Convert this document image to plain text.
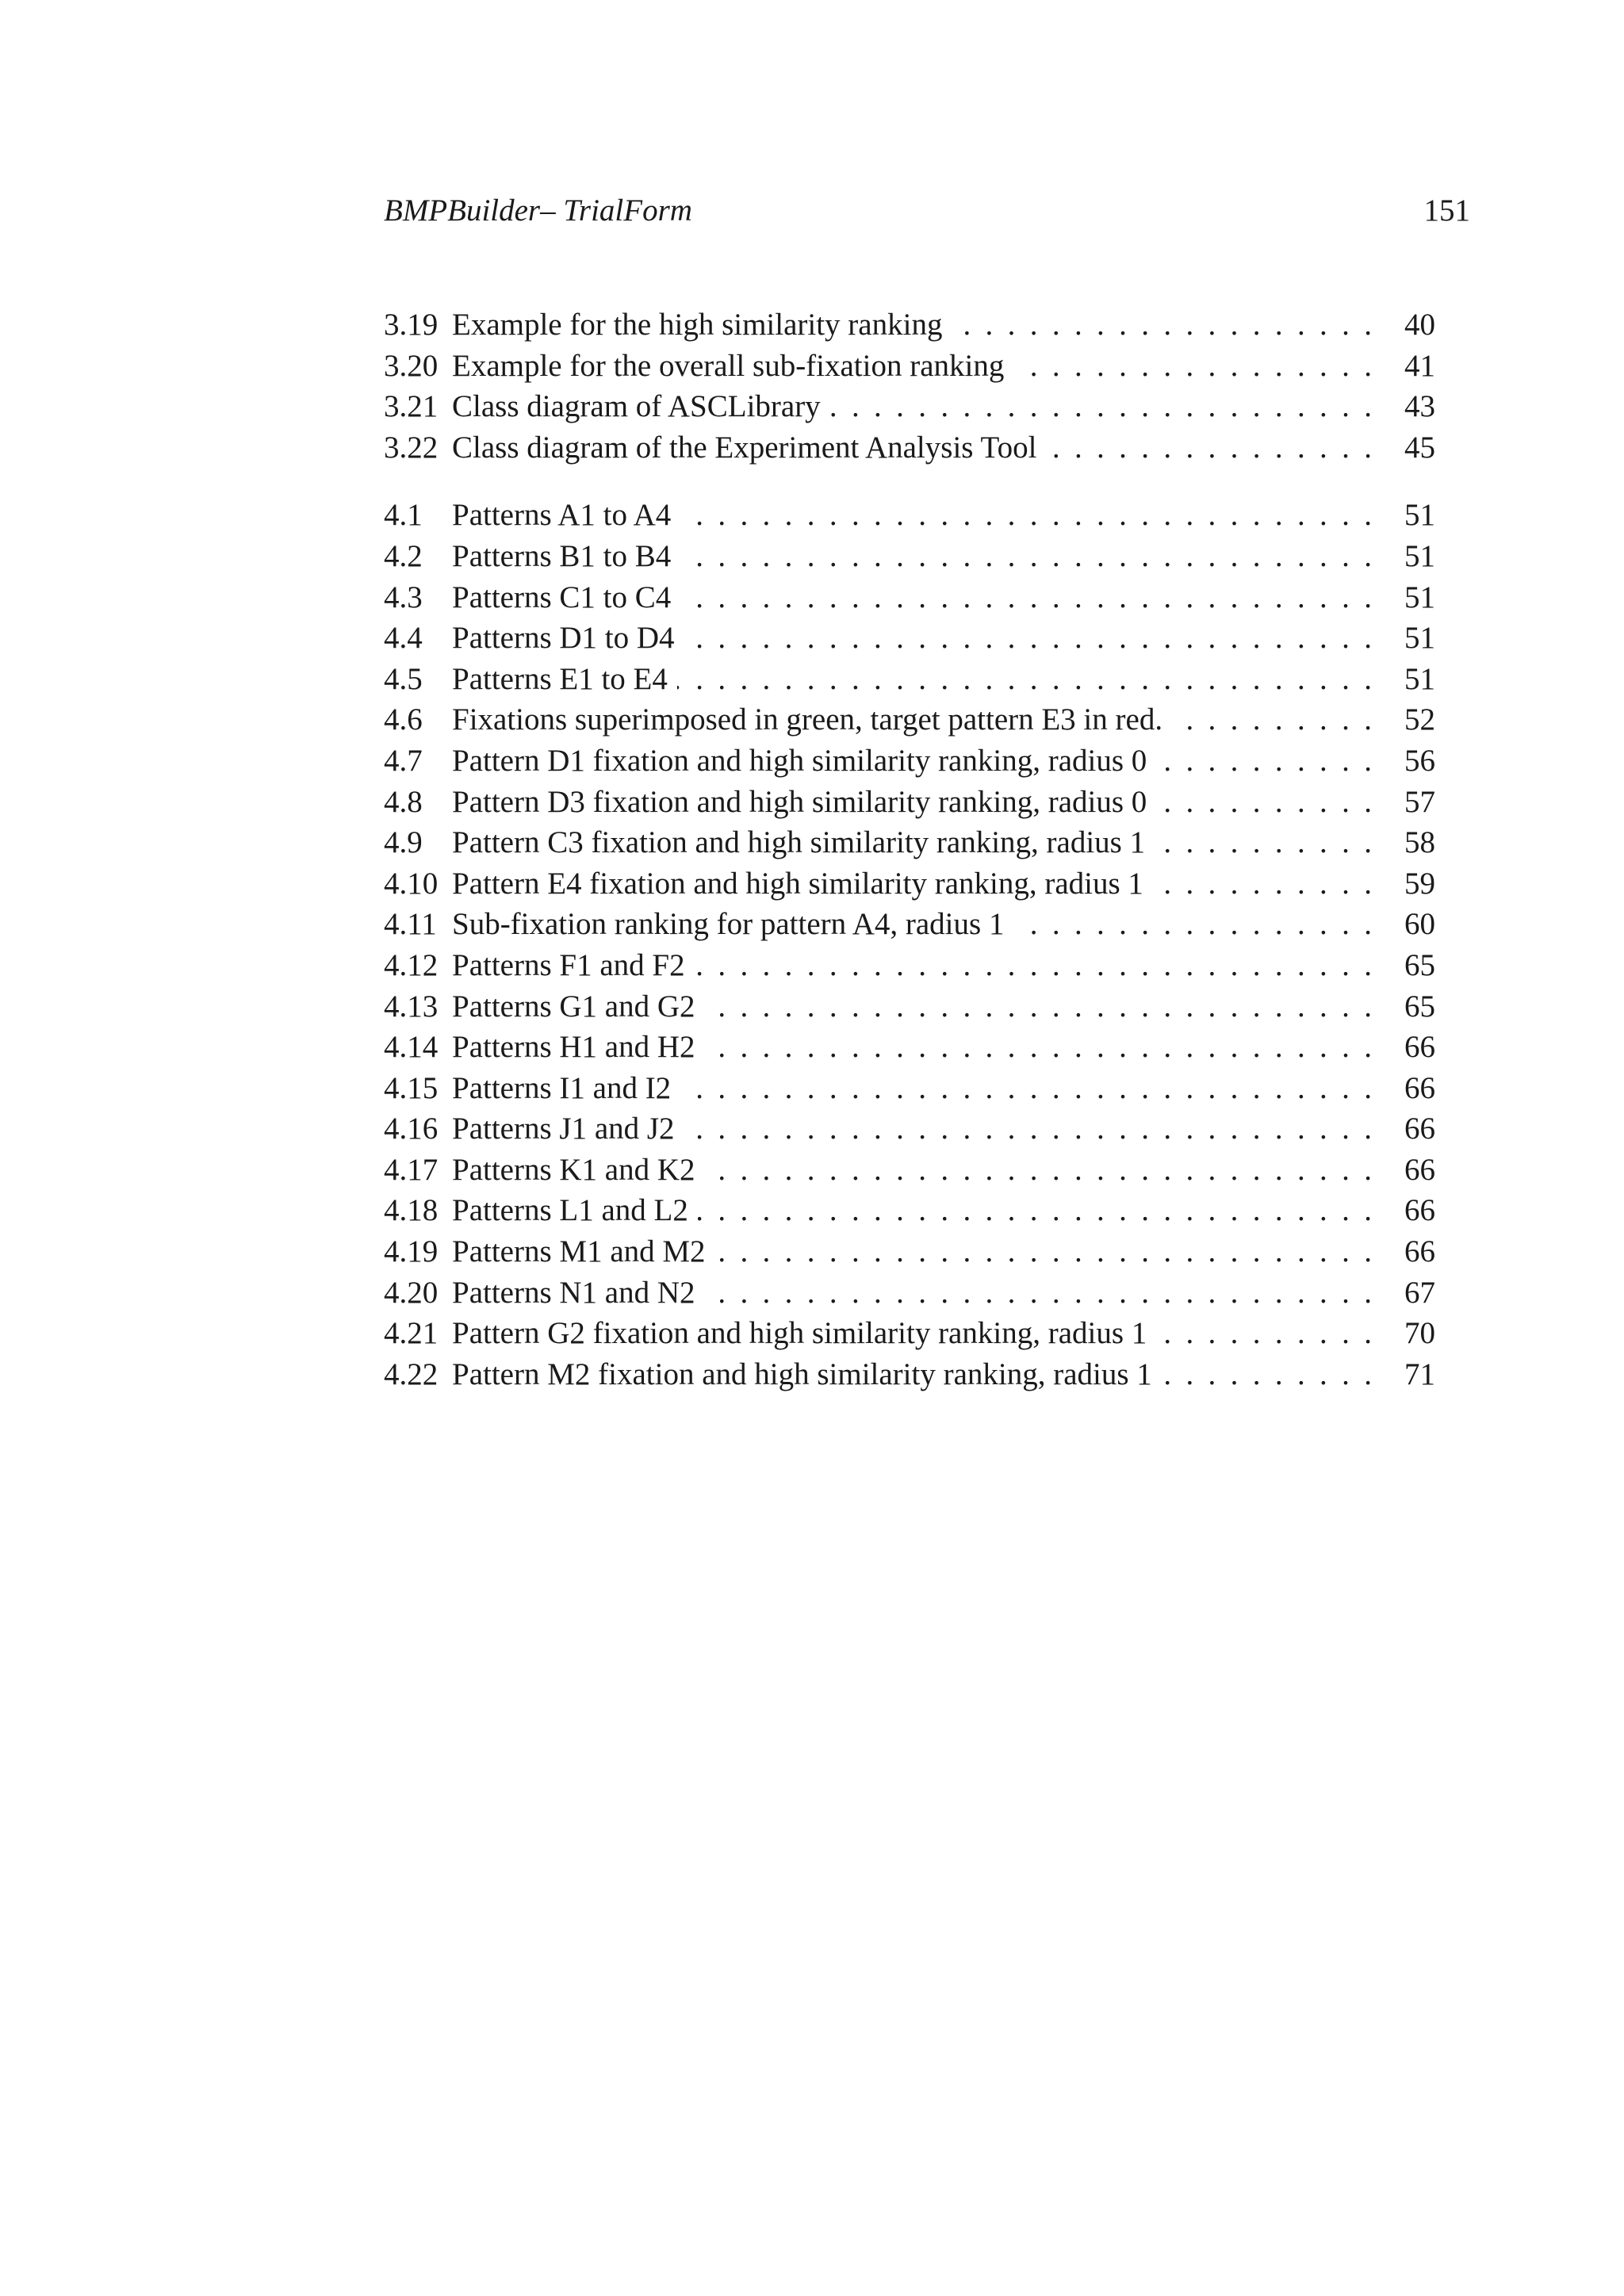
BMPBuilder– TrialForm	151
3.19 . . . Example for the high similarity ranking	40
3.20 . . . Example for the overall sub-fixation ranking	41
3.21 . . . Class diagram of ASCLibrary	43
3.22 . . . Class diagram of the Experiment Analysis Tool	45
4.1 . . . Patterns A1 to A4	51
4.2 . . . Patterns B1 to B4	51
4.3 . . . Patterns C1 to C4	51
4.4 . . . Patterns D1 to D4	51
4.5 . . . Patterns E1 to E4	51
4.6 . . . Fixations superimposed in green, target pattern E3 in red.	52
4.7 . . . Pattern D1 fixation and high similarity ranking, radius 0	56
4.8 . . . Pattern D3 fixation and high similarity ranking, radius 0	57
4.9 . . . Pattern C3 fixation and high similarity ranking, radius 1	58
4.10 . . . Pattern E4 fixation and high similarity ranking, radius 1	59
4.11 . . . Sub-fixation ranking for pattern A4, radius 1	60
4.12 . . . Patterns F1 and F2	65
4.13 . . . Patterns G1 and G2	65
4.14 . . . Patterns H1 and H2	66
4.15 . . . Patterns I1 and I2	66
4.16 . . . Patterns J1 and J2	66
4.17 . . . Patterns K1 and K2	66
4.18 . . . Patterns L1 and L2	66
4.19 . . . Patterns M1 and M2	66
4.20 . . . Patterns N1 and N2	67
4.21 . . . Pattern G2 fixation and high similarity ranking, radius 1	70
4.22 . . . Pattern M2 fixation and high similarity ranking, radius 1	71
